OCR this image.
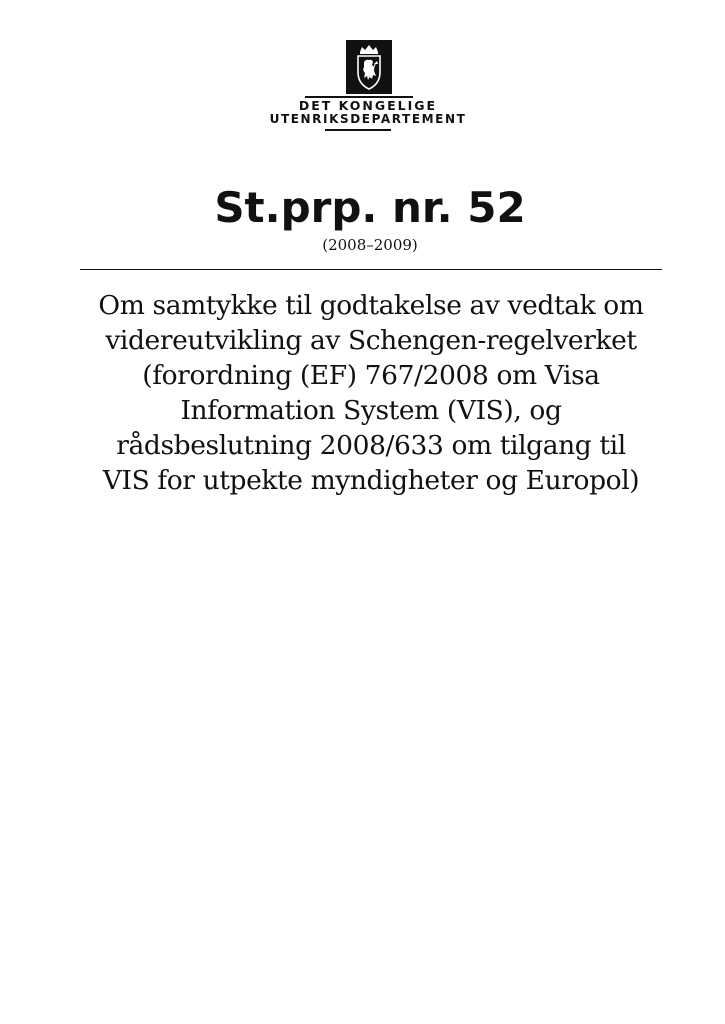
DET KONGELIGE
UTENRIKSDEPARTEMENT
St.prp. nr. 52
(2008–2009)
Om samtykke til godtakelse av vedtak om
videreutvikling av Schengen-regelverket
(forordning (EF) 767/2008 om Visa
Information System (VIS), og
rådsbeslutning 2008/633 om tilgang til
VIS for utpekte myndigheter og Europol)
